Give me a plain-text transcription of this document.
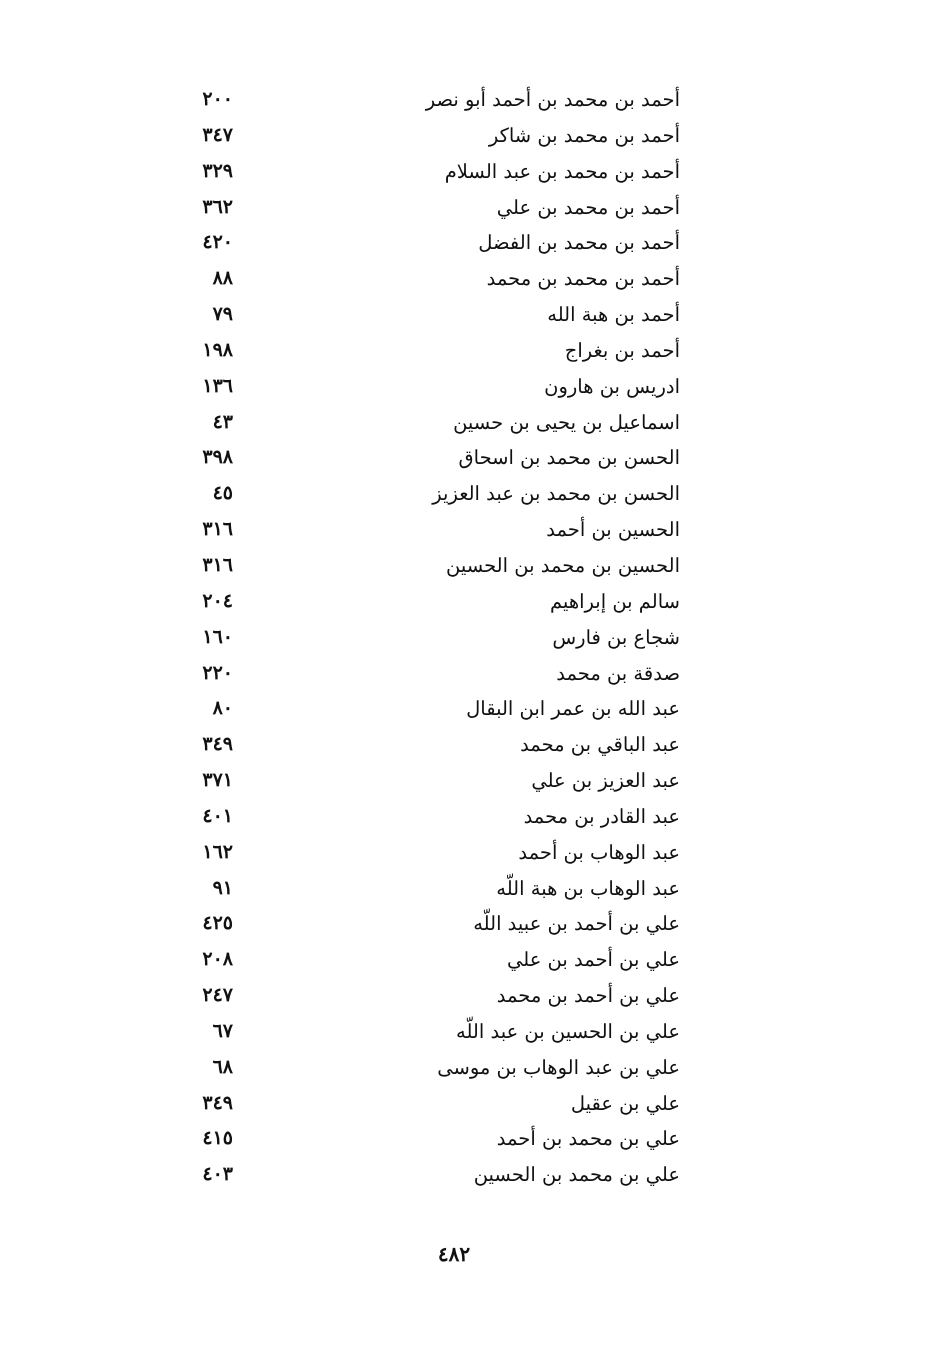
أحمد بن محمد بن أحمد أبو نصر
٢٠٠
أحمد بن محمد بن شاكر
٣٤٧
أحمد بن محمد بن عبد السلام
٣٢٩
أحمد بن محمد بن علي
٣٦٢
أحمد بن محمد بن الفضل
٤٢٠
أحمد بن محمد بن محمد
٨٨
أحمد بن هبة الله
٧٩
أحمد بن بغراج
١٩٨
ادريس بن هارون
١٣٦
اسماعيل بن يحيى بن حسين
٤٣
الحسن بن محمد بن اسحاق
٣٩٨
الحسن بن محمد بن عبد العزيز
٤٥
الحسين بن أحمد
٣١٦
الحسين بن محمد بن الحسين
٣١٦
سالم بن إبراهيم
٢٠٤
شجاع بن فارس
١٦٠
صدقة بن محمد
٢٢٠
عبد الله بن عمر ابن البقال
٨٠
عبد الباقي بن محمد
٣٤٩
عبد العزيز بن علي
٣٧١
عبد القادر بن محمد
٤٠١
عبد الوهاب بن أحمد
١٦٢
عبد الوهاب بن هبة اللّه
٩١
علي بن أحمد بن عبيد اللّه
٤٢٥
علي بن أحمد بن علي
٢٠٨
علي بن أحمد بن محمد
٢٤٧
علي بن الحسين بن عبد اللّه
٦٧
علي بن عبد الوهاب بن موسى
٦٨
علي بن عقيل
٣٤٩
علي بن محمد بن أحمد
٤١٥
علي بن محمد بن الحسين
٤٠٣
٤٨٢
